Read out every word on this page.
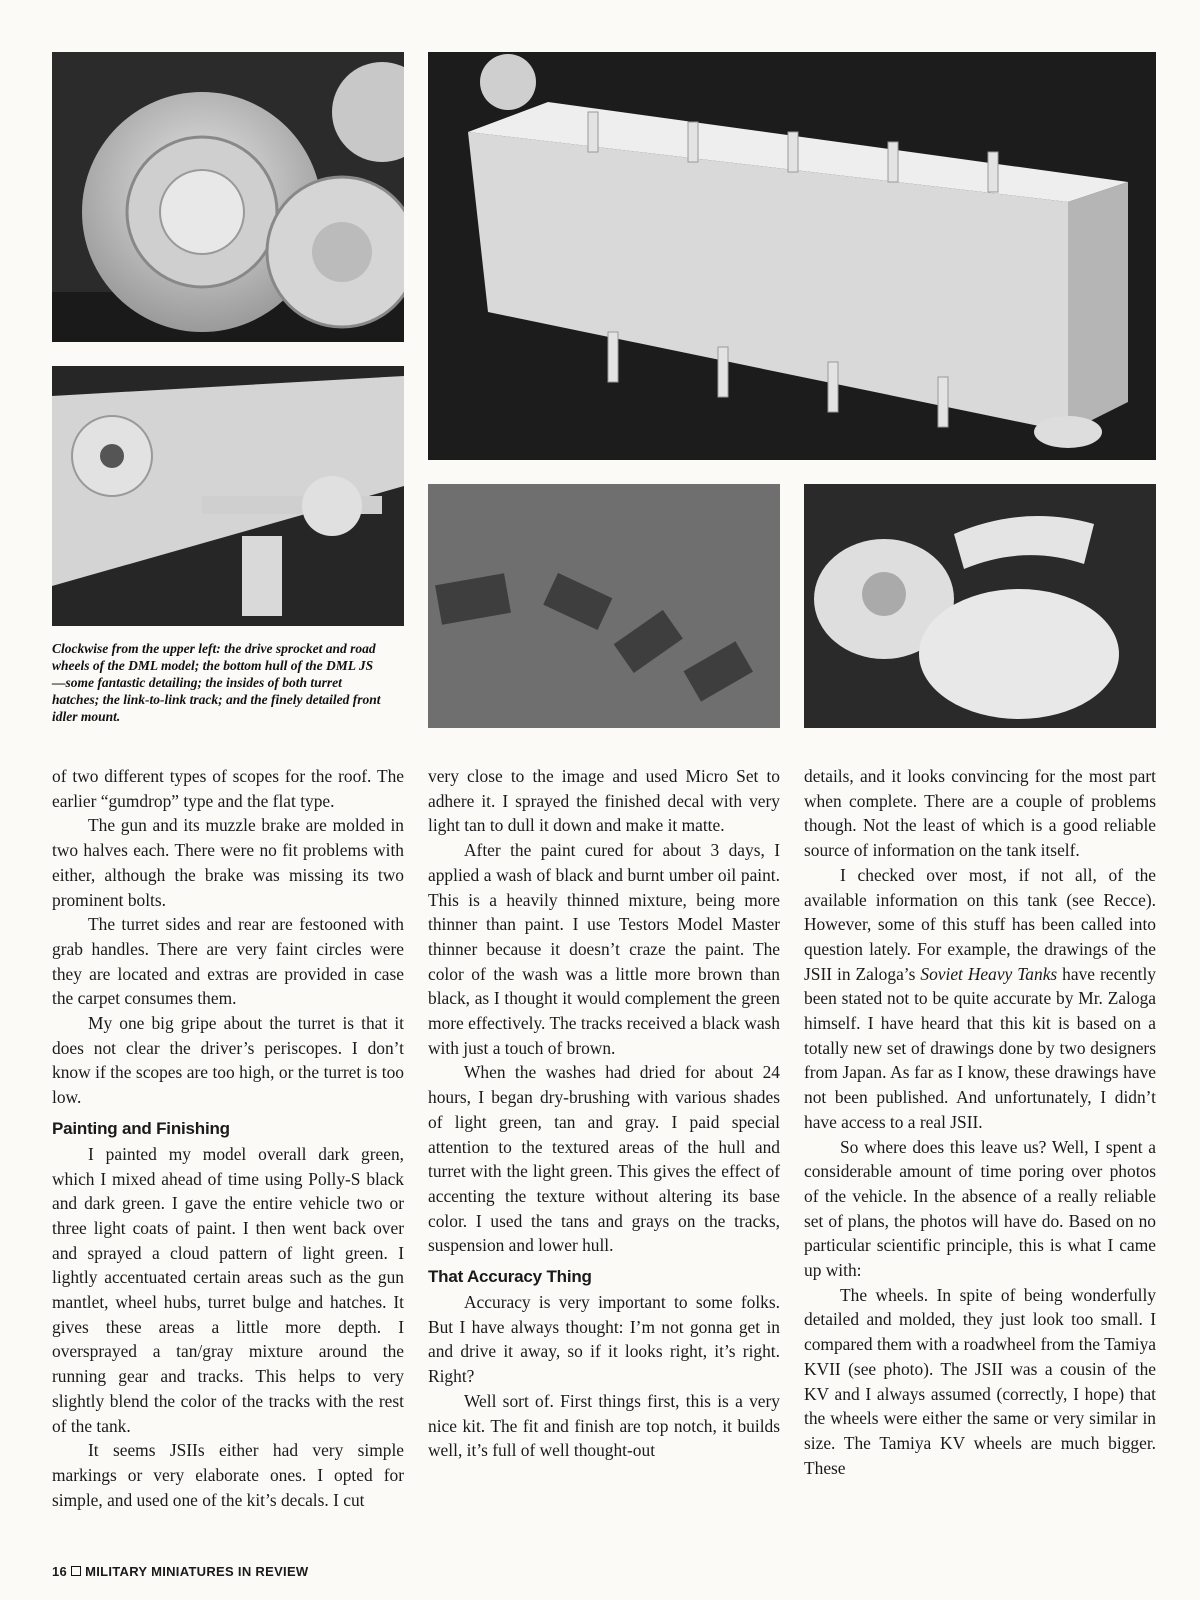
Clockwise from the upper left: the drive sprocket and road wheels of the DML model; the bottom hull of the DML JS—some fantastic detailing; the insides of both turret hatches; the link-to-link track; and the finely detailed front idler mount.

of two different types of scopes for the roof. The earlier “gumdrop” type and the flat type.

The gun and its muzzle brake are molded in two halves each. There were no fit problems with either, although the brake was missing its two prominent bolts.

The turret sides and rear are festooned with grab handles. There are very faint circles were they are located and extras are provided in case the carpet consumes them.

My one big gripe about the turret is that it does not clear the driver’s periscopes. I don’t know if the scopes are too high, or the turret is too low.

Painting and Finishing

I painted my model overall dark green, which I mixed ahead of time using Polly-S black and dark green. I gave the entire vehicle two or three light coats of paint. I then went back over and sprayed a cloud pattern of light green. I lightly accentuated certain areas such as the gun mantlet, wheel hubs, turret bulge and hatches. It gives these areas a little more depth. I oversprayed a tan/gray mixture around the running gear and tracks. This helps to very slightly blend the color of the tracks with the rest of the tank.

It seems JSIIs either had very simple markings or very elaborate ones. I opted for simple, and used one of the kit’s decals. I cut

very close to the image and used Micro Set to adhere it. I sprayed the finished decal with very light tan to dull it down and make it matte.

After the paint cured for about 3 days, I applied a wash of black and burnt umber oil paint. This is a heavily thinned mixture, being more thinner than paint. I use Testors Model Master thinner because it doesn’t craze the paint. The color of the wash was a little more brown than black, as I thought it would complement the green more effectively. The tracks received a black wash with just a touch of brown.

When the washes had dried for about 24 hours, I began dry-brushing with various shades of light green, tan and gray. I paid special attention to the textured areas of the hull and turret with the light green. This gives the effect of accenting the texture without altering its base color. I used the tans and grays on the tracks, suspension and lower hull.

That Accuracy Thing

Accuracy is very important to some folks. But I have always thought: I’m not gonna get in and drive it away, so if it looks right, it’s right. Right?

Well sort of. First things first, this is a very nice kit. The fit and finish are top notch, it builds well, it’s full of well thought-out

details, and it looks convincing for the most part when complete. There are a couple of problems though. Not the least of which is a good reliable source of information on the tank itself.

I checked over most, if not all, of the available information on this tank (see Recce). However, some of this stuff has been called into question lately. For example, the drawings of the JSII in Zaloga’s Soviet Heavy Tanks have recently been stated not to be quite accurate by Mr. Zaloga himself. I have heard that this kit is based on a totally new set of drawings done by two designers from Japan. As far as I know, these drawings have not been published. And unfortunately, I didn’t have access to a real JSII.

So where does this leave us? Well, I spent a considerable amount of time poring over photos of the vehicle. In the absence of a really reliable set of plans, the photos will have do. Based on no particular scientific principle, this is what I came up with:

The wheels. In spite of being wonderfully detailed and molded, they just look too small. I compared them with a roadwheel from the Tamiya KVII (see photo). The JSII was a cousin of the KV and I always assumed (correctly, I hope) that the wheels were either the same or very similar in size. The Tamiya KV wheels are much bigger. These

16 MILITARY MINIATURES IN REVIEW
